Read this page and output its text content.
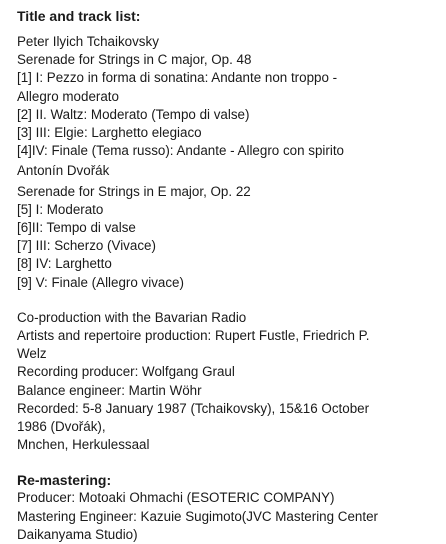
Title and track list:
Peter Ilyich Tchaikovsky
Serenade for Strings in C major, Op. 48
[1] I: Pezzo in forma di sonatina: Andante non troppo -
Allegro moderato
[2] II. Waltz: Moderato (Tempo di valse)
[3] III: Elgie: Larghetto elegiaco
[4]IV: Finale (Tema russo): Andante - Allegro con spirito
Antonín Dvořák
Serenade for Strings in E major, Op. 22
[5] I: Moderato
[6]II: Tempo di valse
[7] III: Scherzo (Vivace)
[8] IV: Larghetto
[9] V: Finale (Allegro vivace)
Co-production with the Bavarian Radio
Artists and repertoire production: Rupert Fustle, Friedrich P.
Welz
Recording producer: Wolfgang Graul
Balance engineer: Martin Wöhr
Recorded: 5-8 January 1987 (Tchaikovsky), 15&16 October
1986 (Dvořák),
Mnchen, Herkulessaal
Re-mastering:
Producer: Motoaki Ohmachi (ESOTERIC COMPANY)
Mastering Engineer: Kazuie Sugimoto(JVC Mastering Center
Daikanyama Studio)
